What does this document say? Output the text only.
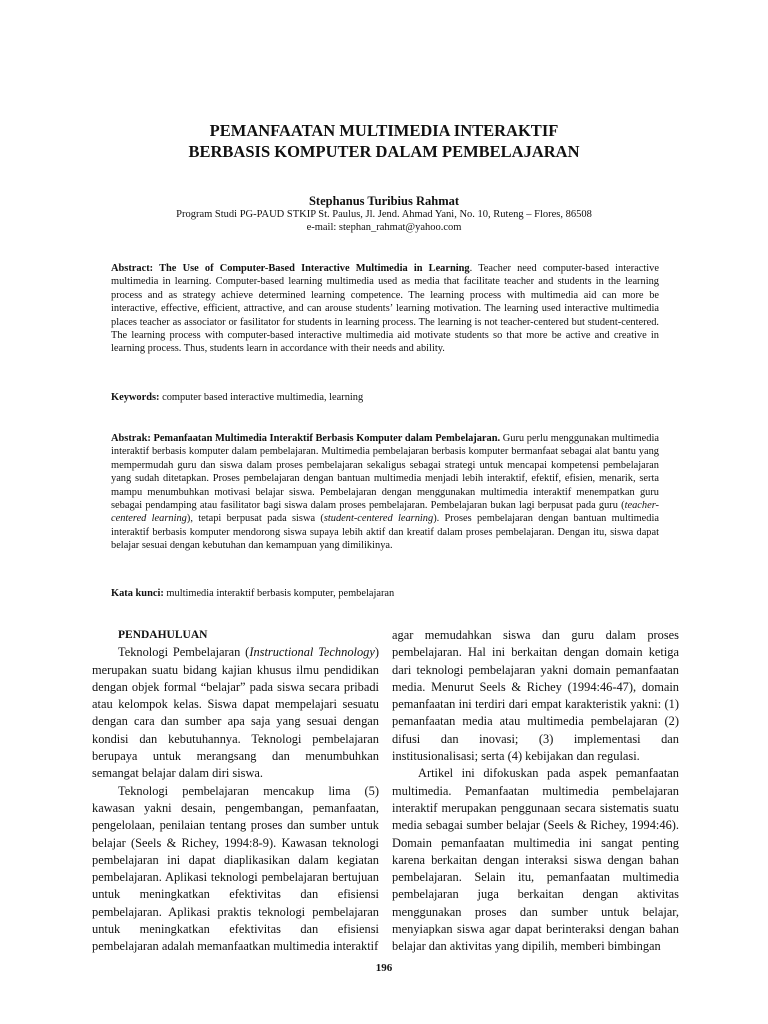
PEMANFAATAN MULTIMEDIA INTERAKTIF
BERBASIS KOMPUTER DALAM PEMBELAJARAN
Stephanus Turibius Rahmat
Program Studi PG-PAUD STKIP St. Paulus, Jl. Jend. Ahmad Yani, No. 10, Ruteng – Flores, 86508
e-mail: stephan_rahmat@yahoo.com
Abstract: The Use of Computer-Based Interactive Multimedia in Learning. Teacher need computer-based interactive multimedia in learning. Computer-based learning multimedia used as media that facilitate teacher and students in the learning process and as strategy achieve determined learning competence. The learning process with multimedia aid can more be interactive, effective, efficient, attractive, and can arouse students’ learning motivation. The learning used interactive multimedia places teacher as associator or fasilitator for students in learning process. The learning is not teacher-centered but student-centered. The learning process with computer-based interactive multimedia aid motivate students so that more be active and creative in learning process. Thus, students learn in accordance with their needs and ability.
Keywords: computer based interactive multimedia, learning
Abstrak: Pemanfaatan Multimedia Interaktif Berbasis Komputer dalam Pembelajaran. Guru perlu menggunakan multimedia interaktif berbasis komputer dalam pembelajaran. Multimedia pembelajaran berbasis komputer bermanfaat sebagai alat bantu yang mempermudah guru dan siswa dalam proses pembelajaran sekaligus sebagai strategi untuk mencapai kompetensi pembelajaran yang sudah ditetapkan. Proses pembelajaran dengan bantuan multimedia menjadi lebih interaktif, efektif, efisien, menarik, serta mampu menumbuhkan motivasi belajar siswa. Pembelajaran dengan menggunakan multimedia interaktif menempatkan guru sebagai pendamping atau fasilitator bagi siswa dalam proses pembelajaran. Pembelajaran bukan lagi berpusat pada guru (teacher-centered learning), tetapi berpusat pada siswa (student-centered learning). Proses pembelajaran dengan bantuan multimedia interaktif berbasis komputer mendorong siswa supaya lebih aktif dan kreatif dalam proses pembelajaran. Dengan itu, siswa dapat belajar sesuai dengan kebutuhan dan kemampuan yang dimilikinya.
Kata kunci: multimedia interaktif berbasis komputer, pembelajaran

PENDAHULUAN

Teknologi Pembelajaran (Instructional Technology) merupakan suatu bidang kajian khusus ilmu pendidikan dengan objek formal “belajar” pada siswa secara pribadi atau kelompok kelas. Siswa dapat mempelajari sesuatu dengan cara dan sumber apa saja yang sesuai dengan kondisi dan kebutuhannya. Teknologi pembelajaran berupaya untuk merangsang dan menumbuhkan semangat belajar dalam diri siswa.

Teknologi pembelajaran mencakup lima (5) kawasan yakni desain, pengembangan, pemanfaatan, pengelolaan, penilaian tentang proses dan sumber untuk belajar (Seels & Richey, 1994:8-9). Kawasan teknologi pembelajaran ini dapat diaplikasikan dalam kegiatan pembelajaran. Aplikasi teknologi pembelajaran bertujuan untuk meningkatkan efektivitas dan efisiensi pembelajaran. Aplikasi praktis teknologi pembelajaran untuk meningkatkan efektivitas dan efisiensi pembelajaran adalah memanfaatkan multimedia interaktif

agar memudahkan siswa dan guru dalam proses pembelajaran. Hal ini berkaitan dengan domain ketiga dari teknologi pembelajaran yakni domain pemanfaatan media. Menurut Seels & Richey (1994:46-47), domain pemanfaatan ini terdiri dari empat karakteristik yakni: (1) pemanfaatan media atau multimedia pembelajaran (2) difusi dan inovasi; (3) implementasi dan institusionalisasi; serta (4) kebijakan dan regulasi.

Artikel ini difokuskan pada aspek pemanfaatan multimedia. Pemanfaatan multimedia pembelajaran interaktif merupakan penggunaan secara sistematis suatu media sebagai sumber belajar (Seels & Richey, 1994:46). Domain pemanfaatan multimedia ini sangat penting karena berkaitan dengan interaksi siswa dengan bahan pembelajaran. Selain itu, pemanfaatan multimedia pembelajaran juga berkaitan dengan aktivitas menggunakan proses dan sumber untuk belajar, menyiapkan siswa agar dapat berinteraksi dengan bahan belajar dan aktivitas yang dipilih, memberi bimbingan

196
